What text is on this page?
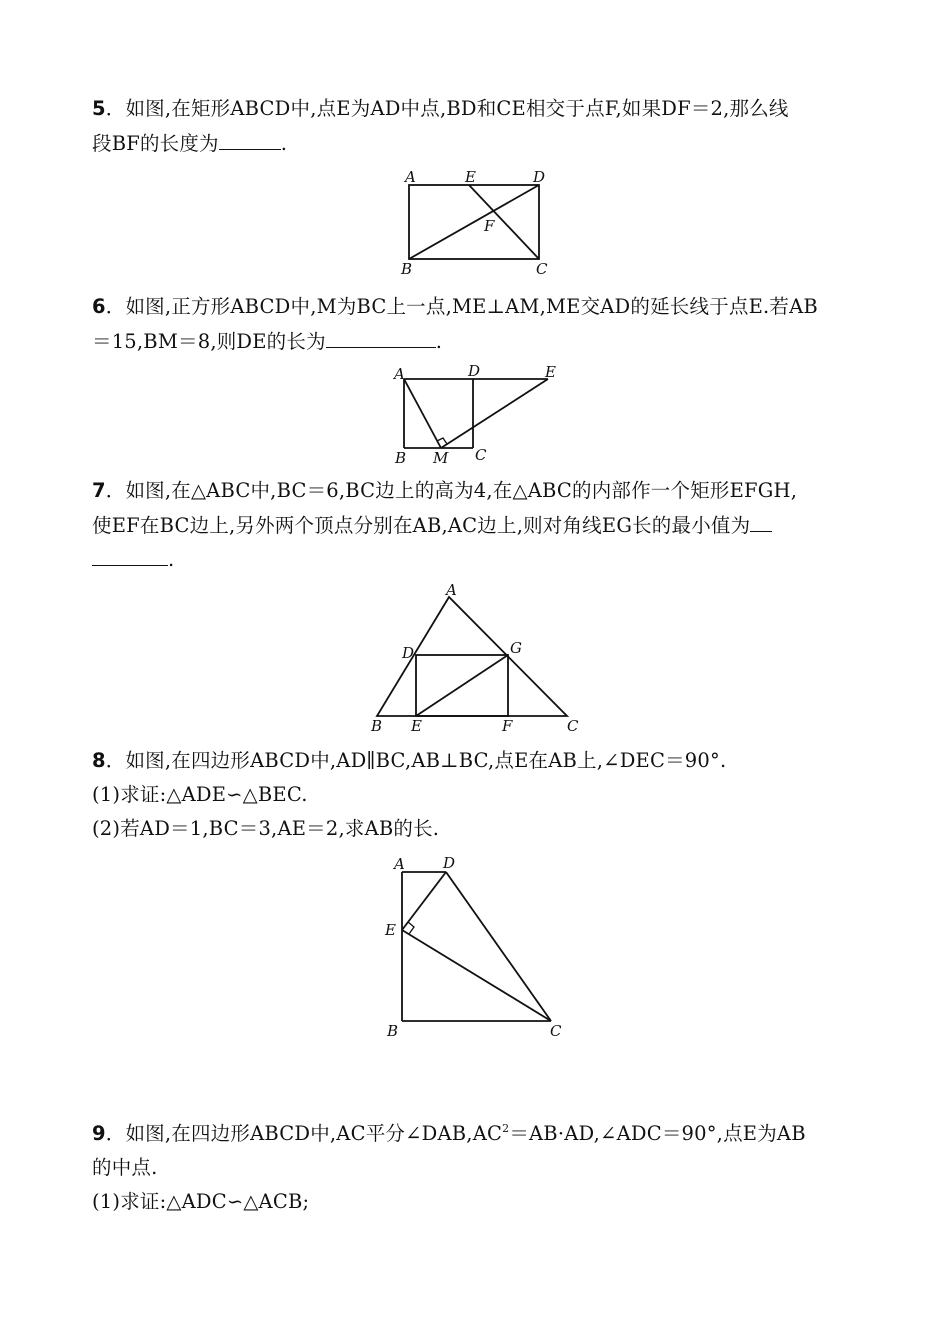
5．如图,在矩形ABCD中,点E为AD中点,BD和CE相交于点F,如果DF＝2,那么线
段BF的长度为	.
A	E	D
F
B	C
6．如图,正方形ABCD中,M为BC上一点,ME⊥AM,ME交AD的延长线于点E.若AB
＝15,BM＝8,则DE的长为	.
A	D	E
B M C
7．如图,在△ABC中,BC＝6,BC边上的高为4,在△ABC的内部作一个矩形EFGH,
使EF在BC边上,另外两个顶点分别在AB,AC边上,则对角线EG长的最小值为
.
A
D	G
B E	F	C
8．如图,在四边形ABCD中,AD∥BC,AB⊥BC,点E在AB上,∠DEC＝90°.
(1)求证:△ADE∽△BEC.
(2)若AD＝1,BC＝3,AE＝2,求AB的长.
A	D
E
B	C
9．如图,在四边形ABCD中,AC平分$\angle DAB,AC^2=AB\cdot AD,\angle ADC=90^\circ$,点E为AB
的中点.
(1)求证:△ADC∽△ACB;
